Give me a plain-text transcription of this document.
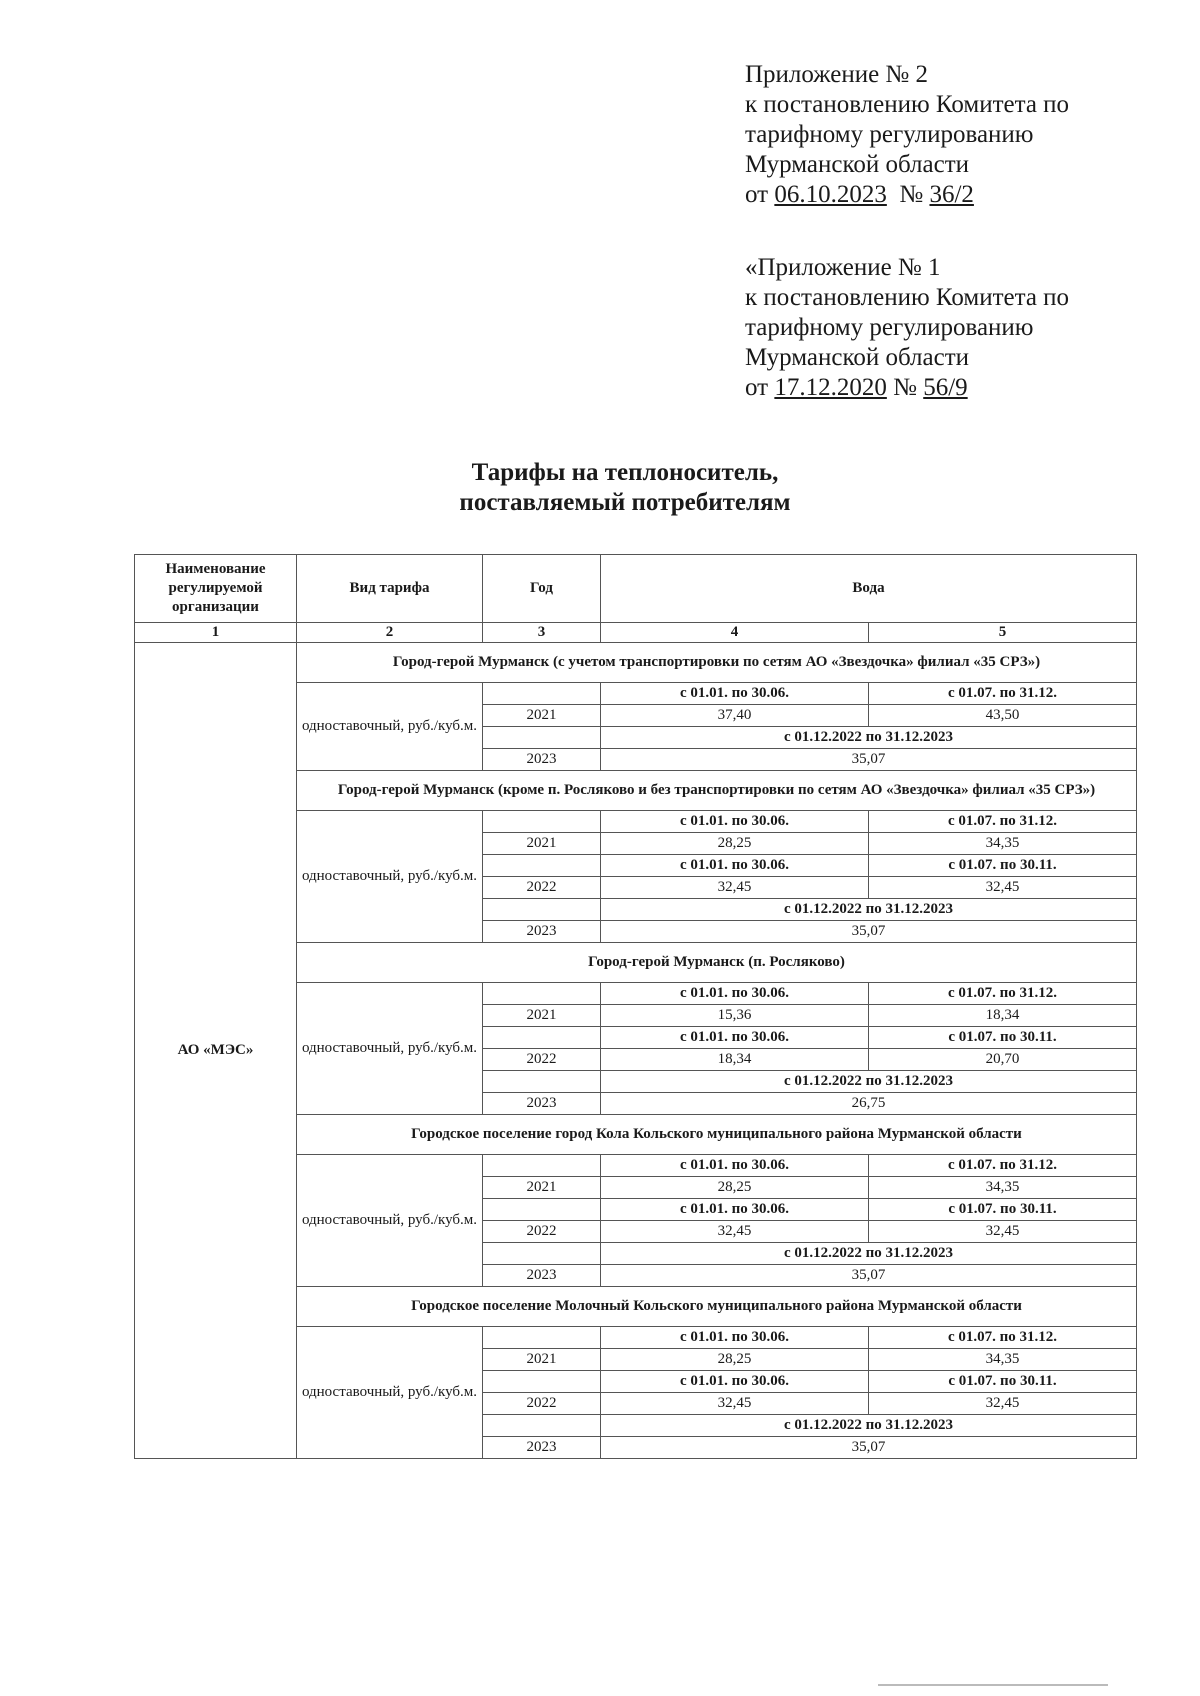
Приложение № 2
к постановлению Комитета по
тарифному регулированию
Мурманской области
от 06.10.2023 № 36/2
«Приложение № 1
к постановлению Комитета по
тарифному регулированию
Мурманской области
от 17.12.2020 № 56/9
Тарифы на теплоноситель,
поставляемый потребителям
Наименование регулируемой организации	Вид тарифа	Год	Вода	
1	2	3	4	5
АО «МЭС»	Город-герой Мурманск (с учетом транспортировки по сетям АО «Звездочка» филиал «35 СРЗ»)			
	одноставочный, руб./куб.м.		с 01.01. по 30.06.	с 01.07. по 31.12.
		2021	37,40	43,50
			с 01.12.2022 по 31.12.2023	
		2023	35,07	
	Город-герой Мурманск (кроме п. Росляково и без транспортировки по сетям АО «Звездочка» филиал «35 СРЗ»)			
	одноставочный, руб./куб.м.		с 01.01. по 30.06.	с 01.07. по 31.12.
		2021	28,25	34,35
			с 01.01. по 30.06.	с 01.07. по 30.11.
		2022	32,45	32,45
			с 01.12.2022 по 31.12.2023	
		2023	35,07	
	Город-герой Мурманск (п. Росляково)			
	одноставочный, руб./куб.м.		с 01.01. по 30.06.	с 01.07. по 31.12.
		2021	15,36	18,34
			с 01.01. по 30.06.	с 01.07. по 30.11.
		2022	18,34	20,70
			с 01.12.2022 по 31.12.2023	
		2023	26,75	
	Городское поселение город Кола Кольского муниципального района Мурманской области			
	одноставочный, руб./куб.м.		с 01.01. по 30.06.	с 01.07. по 31.12.
		2021	28,25	34,35
			с 01.01. по 30.06.	с 01.07. по 30.11.
		2022	32,45	32,45
			с 01.12.2022 по 31.12.2023	
		2023	35,07	
	Городское поселение Молочный Кольского муниципального района Мурманской области			
	одноставочный, руб./куб.м.		с 01.01. по 30.06.	с 01.07. по 31.12.
		2021	28,25	34,35
			с 01.01. по 30.06.	с 01.07. по 30.11.
		2022	32,45	32,45
			с 01.12.2022 по 31.12.2023	
		2023	35,07	
